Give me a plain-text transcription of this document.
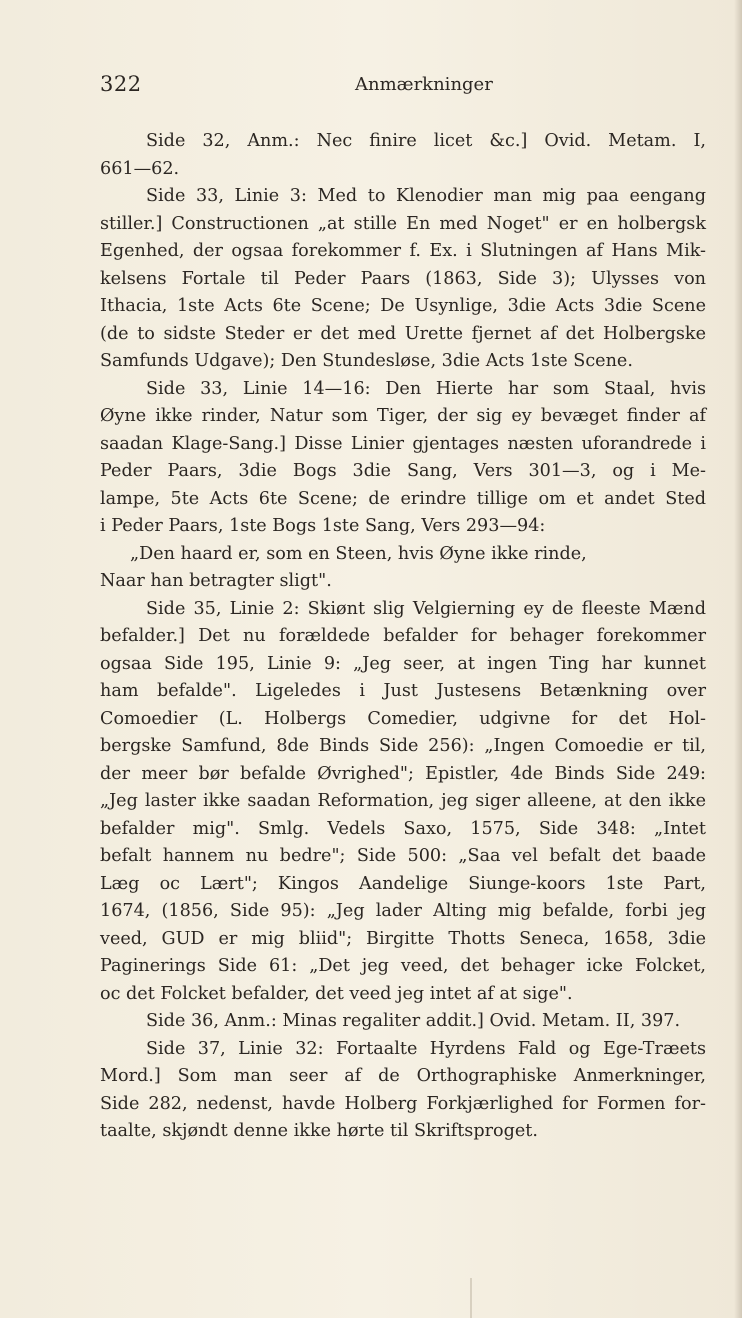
322	Anmærkninger
Side 32, Anm.: Nec finire licet &c.] Ovid. Metam. I,
661—62.
Side 33, Linie 3: Med to Klenodier man mig paa eengang
stiller.] Constructionen „at stille En med Noget" er en holbergsk
Egenhed, der ogsaa forekommer f. Ex. i Slutningen af Hans Mik-
kelsens Fortale til Peder Paars (1863, Side 3); Ulysses von
Ithacia, 1ste Acts 6te Scene; De Usynlige, 3die Acts 3die Scene
(de to sidste Steder er det med Urette fjernet af det Holbergske
Samfunds Udgave); Den Stundesløse, 3die Acts 1ste Scene.
Side 33, Linie 14—16: Den Hierte har som Staal, hvis
Øyne ikke rinder, Natur som Tiger, der sig ey bevæget finder af
saadan Klage-Sang.] Disse Linier gjentages næsten uforandrede i
Peder Paars, 3die Bogs 3die Sang, Vers 301—3, og i Me-
lampe, 5te Acts 6te Scene; de erindre tillige om et andet Sted
i Peder Paars, 1ste Bogs 1ste Sang, Vers 293—94:
„Den haard er, som en Steen, hvis Øyne ikke rinde,
Naar han betragter sligt".
Side 35, Linie 2: Skiønt slig Velgierning ey de fleeste Mænd
befalder.] Det nu forældede befalder for behager forekommer
ogsaa Side 195, Linie 9: „Jeg seer, at ingen Ting har kunnet
ham befalde". Ligeledes i Just Justesens Betænkning over
Comoedier (L. Holbergs Comedier, udgivne for det Hol-
bergske Samfund, 8de Binds Side 256): „Ingen Comoedie er til,
der meer bør befalde Øvrighed"; Epistler, 4de Binds Side 249:
„Jeg laster ikke saadan Reformation, jeg siger alleene, at den ikke
befalder mig". Smlg. Vedels Saxo, 1575, Side 348: „Intet
befalt hannem nu bedre"; Side 500: „Saa vel befalt det baade
Læg oc Lært"; Kingos Aandelige Siunge-koors 1ste Part,
1674, (1856, Side 95): „Jeg lader Alting mig befalde, forbi jeg
veed, GUD er mig bliid"; Birgitte Thotts Seneca, 1658, 3die
Paginerings Side 61: „Det jeg veed, det behager icke Folcket,
oc det Folcket befalder, det veed jeg intet af at sige".
Side 36, Anm.: Minas regaliter addit.] Ovid. Metam. II, 397.
Side 37, Linie 32: Fortaalte Hyrdens Fald og Ege-Træets
Mord.] Som man seer af de Orthographiske Anmerkninger,
Side 282, nedenst, havde Holberg Forkjærlighed for Formen for-
taalte, skjøndt denne ikke hørte til Skriftsproget.
